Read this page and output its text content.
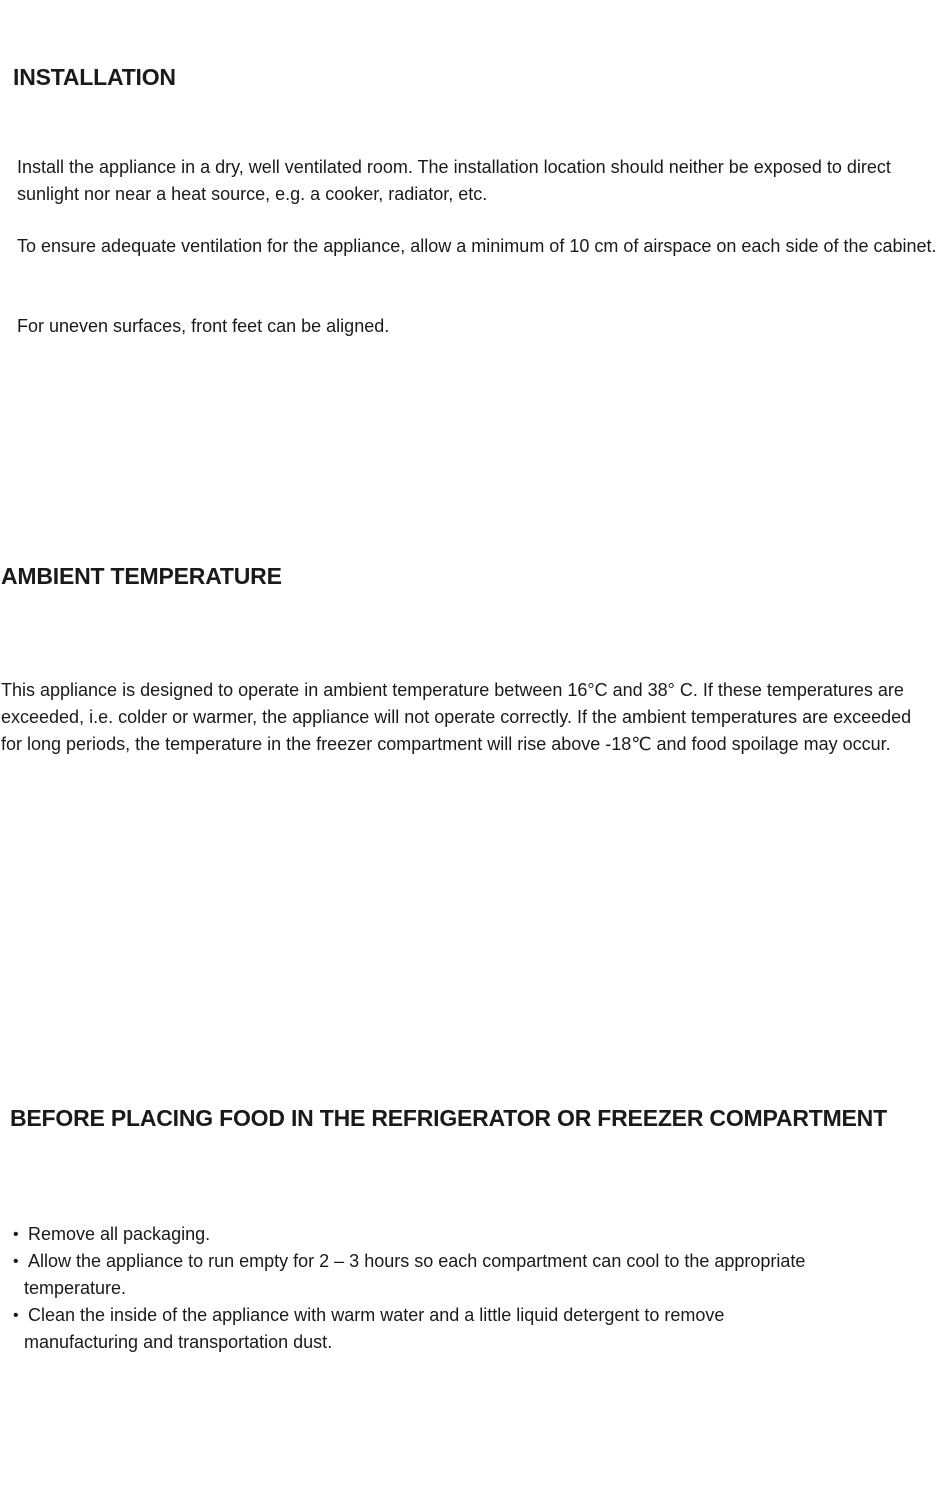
INSTALLATION

Install the appliance in a dry, well ventilated room. The installation location should neither be exposed to direct sunlight nor near a heat source, e.g. a cooker, radiator, etc.

To ensure adequate ventilation for the appliance, allow a minimum of 10 cm of airspace on each side of the cabinet.

For uneven surfaces, front feet can be aligned.

AMBIENT TEMPERATURE

This appliance is designed to operate in ambient temperature between 16°C and 38° C. If these temperatures are exceeded, i.e. colder or warmer, the appliance will not operate correctly. If the ambient temperatures are exceeded for long periods, the temperature in the freezer compartment will rise above -18℃ and food spoilage may occur.

BEFORE PLACING FOOD IN THE REFRIGERATOR OR FREEZER COMPARTMENT
• Remove all packaging.
• Allow the appliance to run empty for 2 – 3 hours so each compartment can cool to the appropriate
temperature.
• Clean the inside of the appliance with warm water and a little liquid detergent to remove
manufacturing and transportation dust.
